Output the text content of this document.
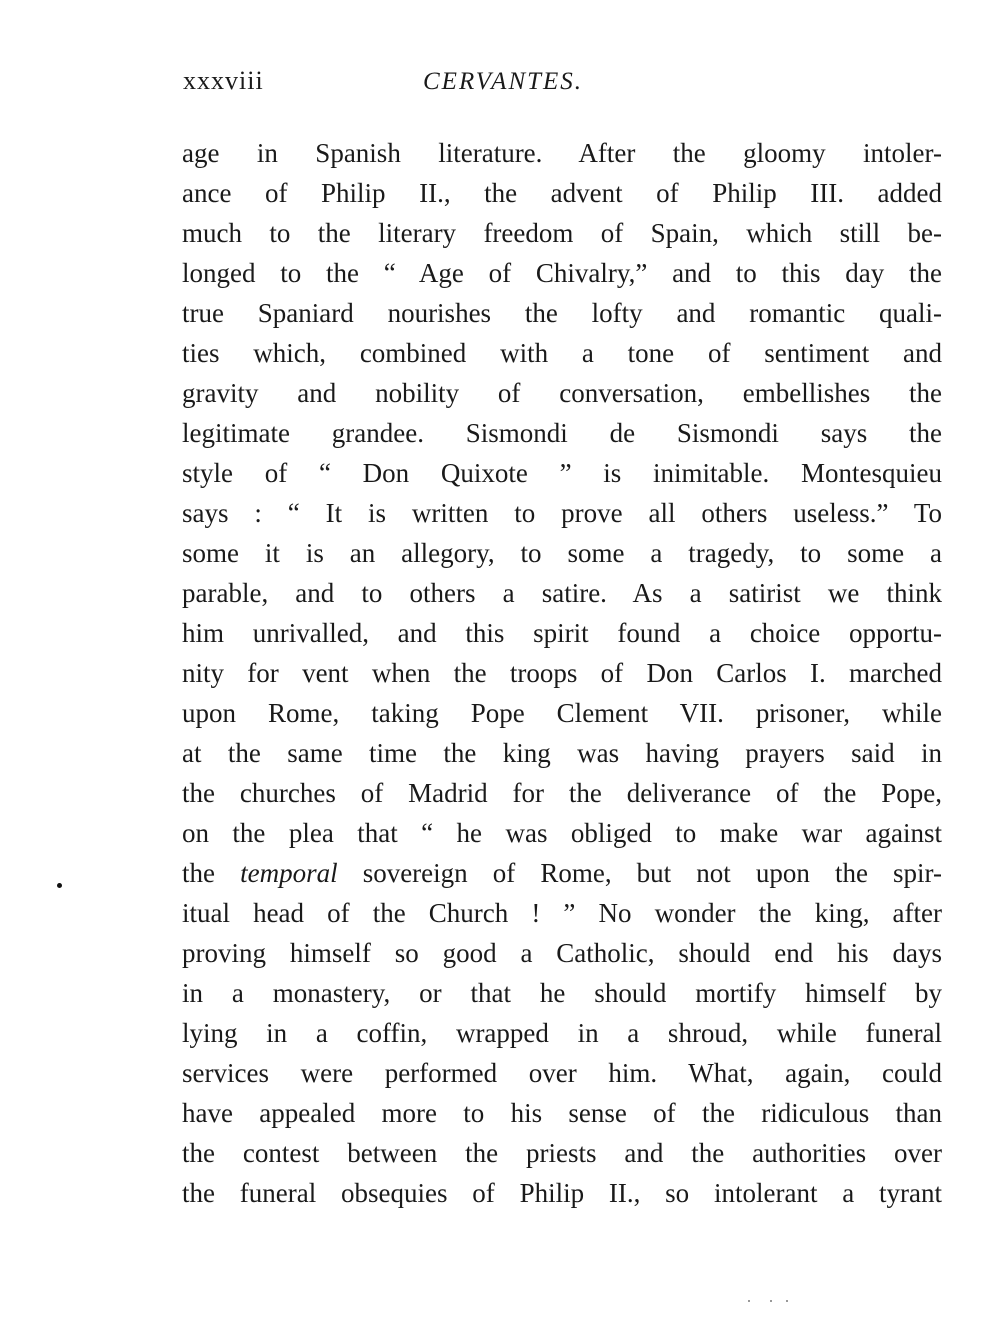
xxxviii	CERVANTES.
age in Spanish literature. After the gloomy intoler-
ance of Philip II., the advent of Philip III. added
much to the literary freedom of Spain, which still be-
longed to the “ Age of Chivalry,” and to this day the
true Spaniard nourishes the lofty and romantic quali-
ties which, combined with a tone of sentiment and
gravity and nobility of conversation, embellishes the
legitimate grandee. Sismondi de Sismondi says the
style of “ Don Quixote ” is inimitable. Montesquieu
says : “ It is written to prove all others useless.” To
some it is an allegory, to some a tragedy, to some a
parable, and to others a satire. As a satirist we think
him unrivalled, and this spirit found a choice opportu-
nity for vent when the troops of Don Carlos I. marched
upon Rome, taking Pope Clement VII. prisoner, while
at the same time the king was having prayers said in
the churches of Madrid for the deliverance of the Pope,
on the plea that “ he was obliged to make war against
the temporal sovereign of Rome, but not upon the spir-
itual head of the Church ! ” No wonder the king, after
proving himself so good a Catholic, should end his days
in a monastery, or that he should mortify himself by
lying in a coffin, wrapped in a shroud, while funeral
services were performed over him. What, again, could
have appealed more to his sense of the ridiculous than
the contest between the priests and the authorities over
the funeral obsequies of Philip II., so intolerant a tyrant
